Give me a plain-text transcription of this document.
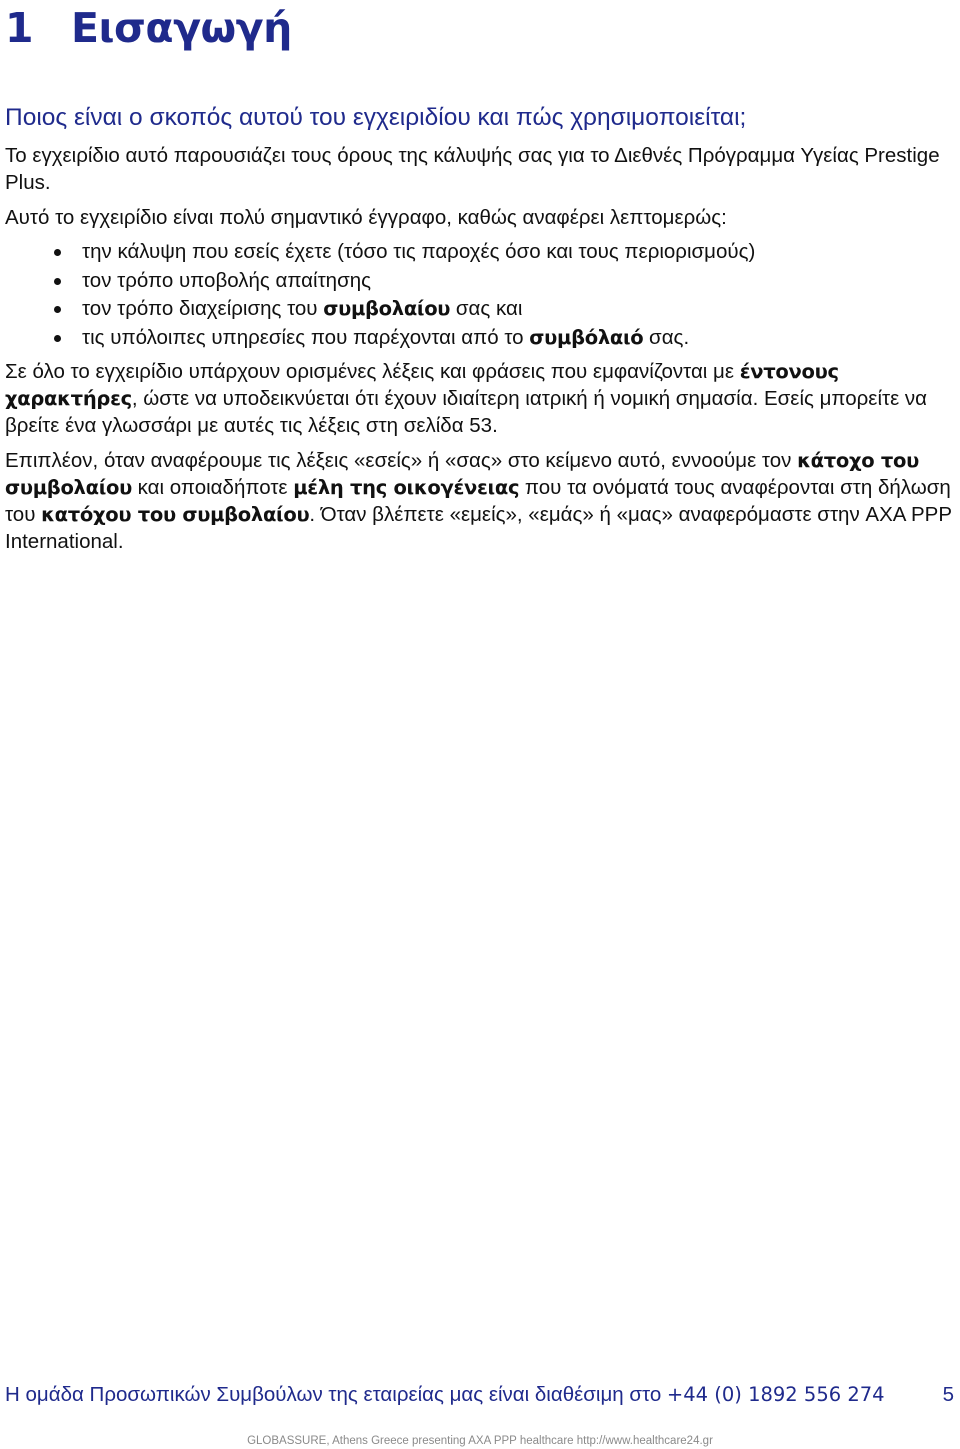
1 Εισαγωγή
Ποιος είναι ο σκοπός αυτού του εγχειριδίου και πώς χρησιμοποιείται;

Το εγχειρίδιο αυτό παρουσιάζει τους όρους της κάλυψής σας για το Διεθνές Πρόγραμμα Υγείας Prestige Plus.

Αυτό το εγχειρίδιο είναι πολύ σημαντικό έγγραφο, καθώς αναφέρει λεπτομερώς:

την κάλυψη που εσείς έχετε (τόσο τις παροχές όσο και τους περιορισμούς)
τον τρόπο υποβολής απαίτησης
τον τρόπο διαχείρισης του συμβολαίου σας και
τις υπόλοιπες υπηρεσίες που παρέχονται από το συμβόλαιό σας.

Σε όλο το εγχειρίδιο υπάρχουν ορισμένες λέξεις και φράσεις που εμφανίζονται με έντονους χαρακτήρες, ώστε να υποδεικνύεται ότι έχουν ιδιαίτερη ιατρική ή νομική σημασία. Εσείς μπορείτε να βρείτε ένα γλωσσάρι με αυτές τις λέξεις στη σελίδα 53.

Επιπλέον, όταν αναφέρουμε τις λέξεις «εσείς» ή «σας» στο κείμενο αυτό, εννοούμε τον κάτοχο του συμβολαίου και οποιαδήποτε μέλη της οικογένειας που τα ονόματά τους αναφέρονται στη δήλωση του κατόχου του συμβολαίου. Όταν βλέπετε «εμείς», «εμάς» ή «μας» αναφερόμαστε στην AXA PPP International.

Η ομάδα Προσωπικών Συμβούλων της εταιρείας μας είναι διαθέσιμη στο +44 (0) 1892 556 274	5

GLOBASSURE, Athens Greece presenting AXA PPP healthcare http://www.healthcare24.gr
